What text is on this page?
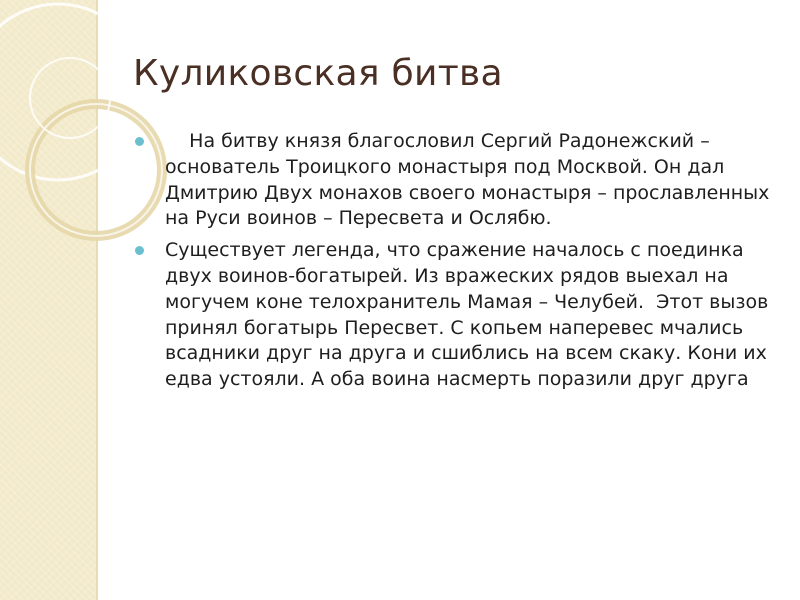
Куликовская битва
На битву князя благословил Сергий Радонежский – основатель Троицкого монастыря под Москвой. Он дал Дмитрию Двух монахов своего монастыря – прославленных на Руси воинов – Пересвета и Ослябю.
Существует легенда, что сражение началось с поединка двух воинов-богатырей. Из вражеских рядов выехал на могучем коне телохранитель Мамая – Челубей.  Этот вызов принял богатырь Пересвет. С копьем наперевес мчались всадники друг на друга и сшиблись на всем скаку. Кони их едва устояли. А оба воина насмерть поразили друг друга
